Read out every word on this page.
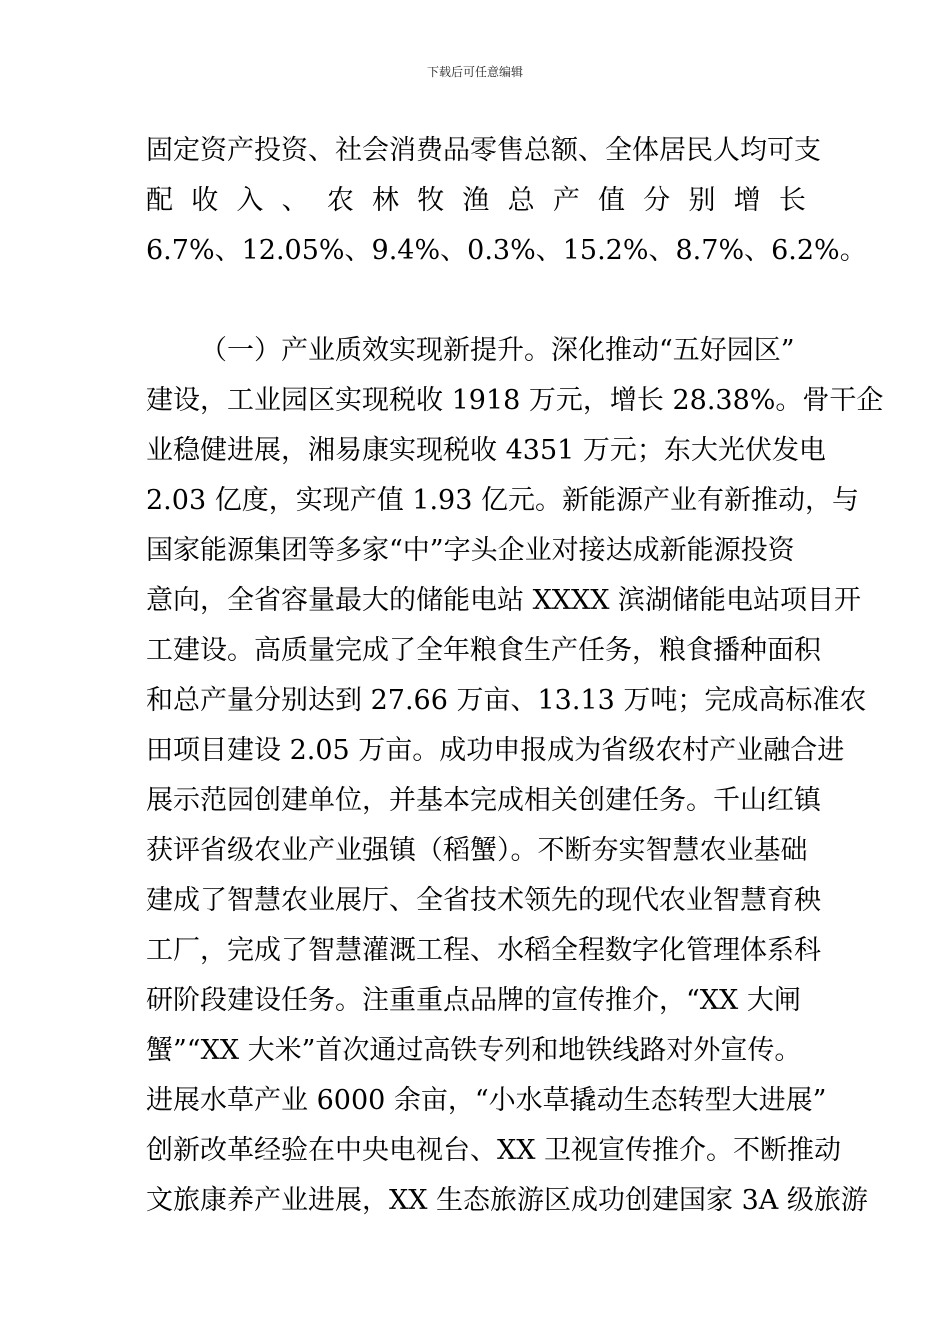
下载后可任意编辑
固定资产投资、社会消费品零售总额、全体居民人均可支
配 收 入 、 农 林 牧 渔 总 产 值 分 别 增 长
6.7%、12.05%、9.4%、0.3%、15.2%、8.7%、6.2%。
（一）产业质效实现新提升。深化推动“五好园区”
建设，工业园区实现税收 1918 万元，增长 28.38%。骨干企
业稳健进展，湘易康实现税收 4351 万元；东大光伏发电
2.03 亿度，实现产值 1.93 亿元。新能源产业有新推动，与
国家能源集团等多家“中”字头企业对接达成新能源投资
意向，全省容量最大的储能电站 XXXX 滨湖储能电站项目开
工建设。高质量完成了全年粮食生产任务，粮食播种面积
和总产量分别达到 27.66 万亩、13.13 万吨；完成高标准农
田项目建设 2.05 万亩。成功申报成为省级农村产业融合进
展示范园创建单位，并基本完成相关创建任务。千山红镇
获评省级农业产业强镇（稻蟹）。不断夯实智慧农业基础
建成了智慧农业展厅、全省技术领先的现代农业智慧育秧
工厂，完成了智慧灌溉工程、水稻全程数字化管理体系科
研阶段建设任务。注重重点品牌的宣传推介，“XX 大闸
蟹”“XX 大米”首次通过高铁专列和地铁线路对外宣传。
进展水草产业 6000 余亩，“小水草撬动生态转型大进展”
创新改革经验在中央电视台、XX 卫视宣传推介。不断推动
文旅康养产业进展，XX 生态旅游区成功创建国家 3A 级旅游
